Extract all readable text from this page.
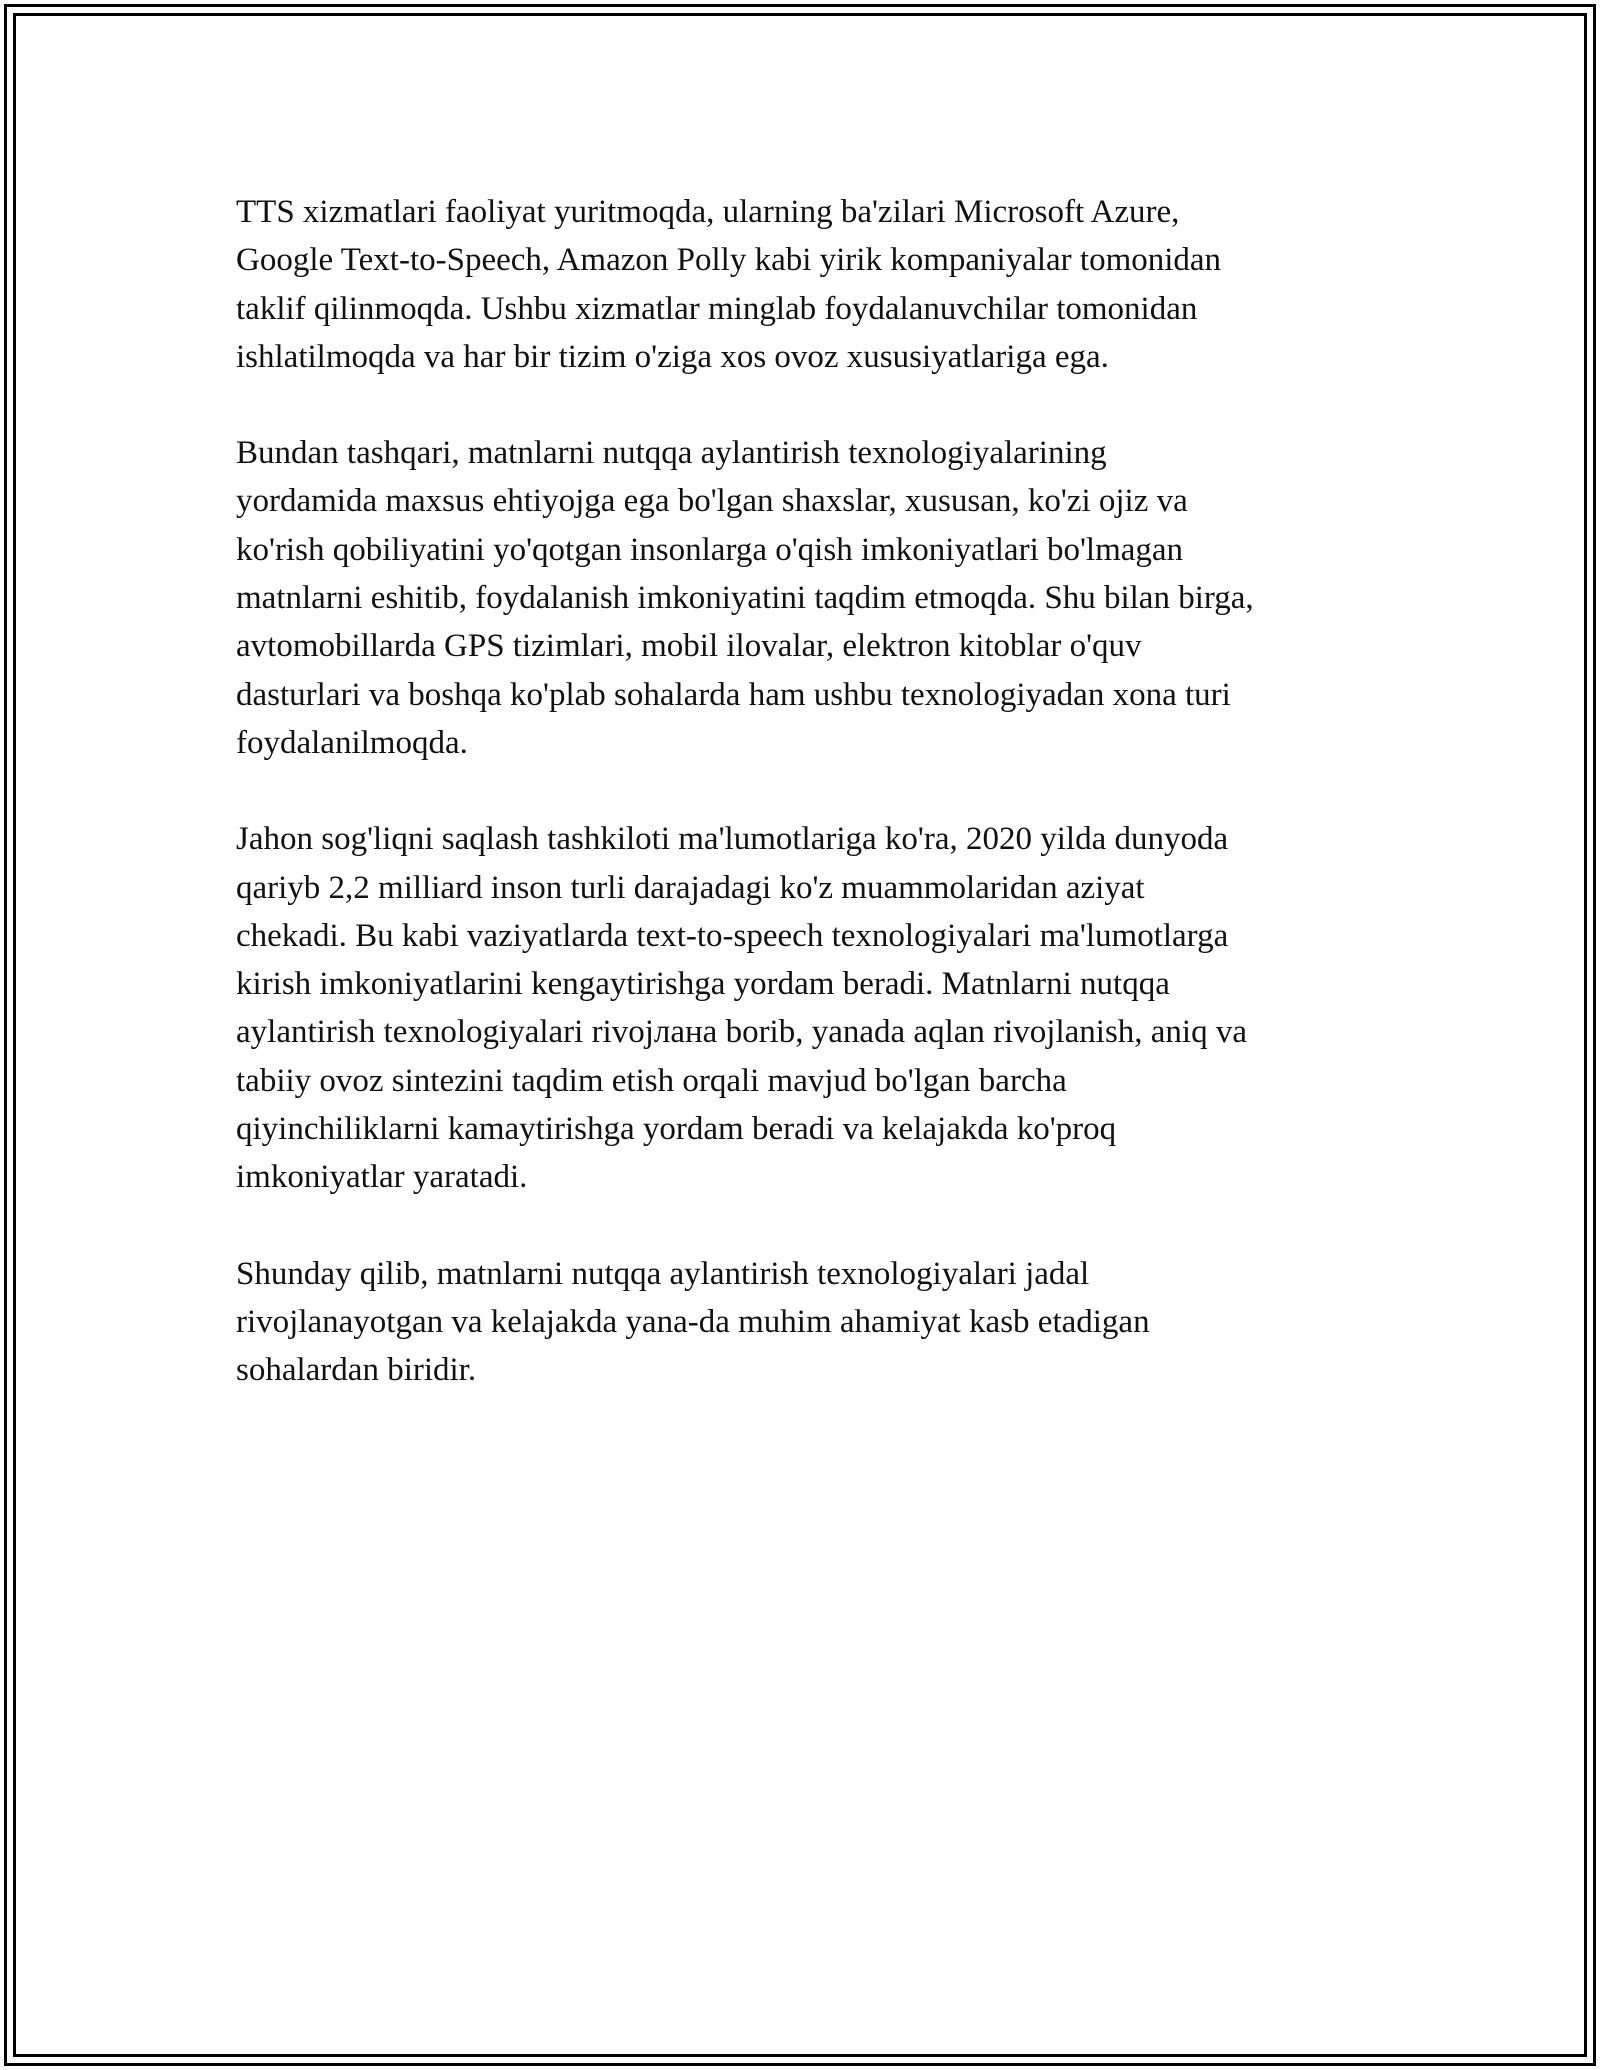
TTS xizmatlari faoliyat yuritmoqda, ularning ba'zilari Microsoft Azure,
Google Text-to-Speech, Amazon Polly kabi yirik kompaniyalar tomonidan
taklif qilinmoqda. Ushbu xizmatlar minglab foydalanuvchilar tomonidan
ishlatilmoqda va har bir tizim o'ziga xos ovoz xususiyatlariga ega.

Bundan tashqari, matnlarni nutqqa aylantirish texnologiyalarining
yordamida maxsus ehtiyojga ega bo'lgan shaxslar, xususan, ko'zi ojiz va
ko'rish qobiliyatini yo'qotgan insonlarga o'qish imkoniyatlari bo'lmagan
matnlarni eshitib, foydalanish imkoniyatini taqdim etmoqda. Shu bilan birga,
avtomobillarda GPS tizimlari, mobil ilovalar, elektron kitoblar o'quv
dasturlari va boshqa ko'plab sohalarda ham ushbu texnologiyadan xona turi
foydalanilmoqda.

Jahon sog'liqni saqlash tashkiloti ma'lumotlariga ko'ra, 2020 yilda dunyoda
qariyb 2,2 milliard inson turli darajadagi ko'z muammolaridan aziyat
chekadi. Bu kabi vaziyatlarda text-to-speech texnologiyalari ma'lumotlarga
kirish imkoniyatlarini kengaytirishga yordam beradi. Matnlarni nutqqa
aylantirish texnologiyalari rivojлана borib, yanada aqlan rivojlanish, aniq va
tabiiy ovoz sintezini taqdim etish orqali mavjud bo'lgan barcha
qiyinchiliklarni kamaytirishga yordam beradi va kelajakda ko'proq
imkoniyatlar yaratadi.

Shunday qilib, matnlarni nutqqa aylantirish texnologiyalari jadal
rivojlanayotgan va kelajakda yana-da muhim ahamiyat kasb etadigan
sohalardan biridir.
